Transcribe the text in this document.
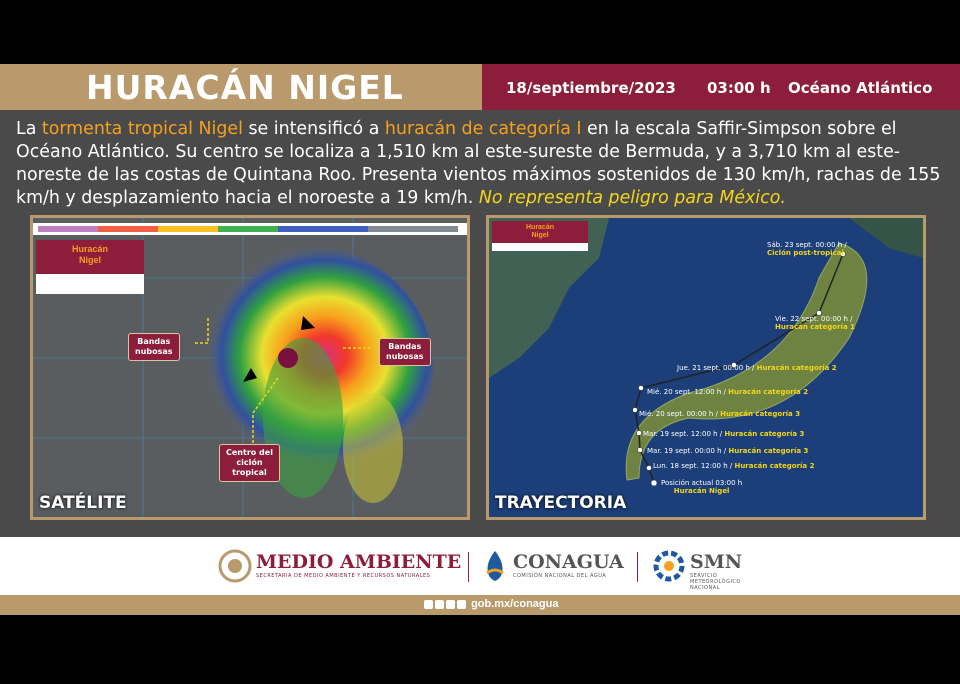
HURACÁN NIGEL	18/septiembre/2023 03:00 h Océano Atlántico
La tormenta tropical Nigel se intensificó a huracán de categoría I en la escala Saffir-Simpson sobre el Océano Atlántico. Su centro se localiza a 1,510 km al este-sureste de Bermuda, y a 3,710 km al este-noreste de las costas de Quintana Roo. Presenta vientos máximos sostenidos de 130 km/h, rachas de 155 km/h y desplazamiento hacia el noroeste a 19 km/h. No representa peligro para México.
Huracán
Nigel
Bandas
nubosas
Bandas
nubosas
Centro del
ciclón
tropical
SATÉLITE
Huracán
Nigel
Sáb. 23 sept. 00:00 h /
Ciclón post-tropical
Vie. 22 sept. 00:00 h /
Huracán categoría 1
Jue. 21 sept. 00:00 h / Huracán categoría 2
Mié. 20 sept. 12:00 h / Huracán categoría 2
Mié. 20 sept. 00:00 h / Huracán categoría 3
Mar. 19 sept. 12:00 h / Huracán categoría 3
Mar. 19 sept. 00:00 h / Huracán categoría 3
Lun. 18 sept. 12:00 h / Huracán categoría 2
Posición actual 03:00 h
Huracán Nigel
TRAYECTORIA
MEDIO AMBIENTE
SECRETARÍA DE MEDIO AMBIENTE Y RECURSOS NATURALES
CONAGUA
COMISIÓN NACIONAL DEL AGUA
SMN
SERVICIO
METEOROLÓGICO
NACIONAL
gob.mx/conagua
